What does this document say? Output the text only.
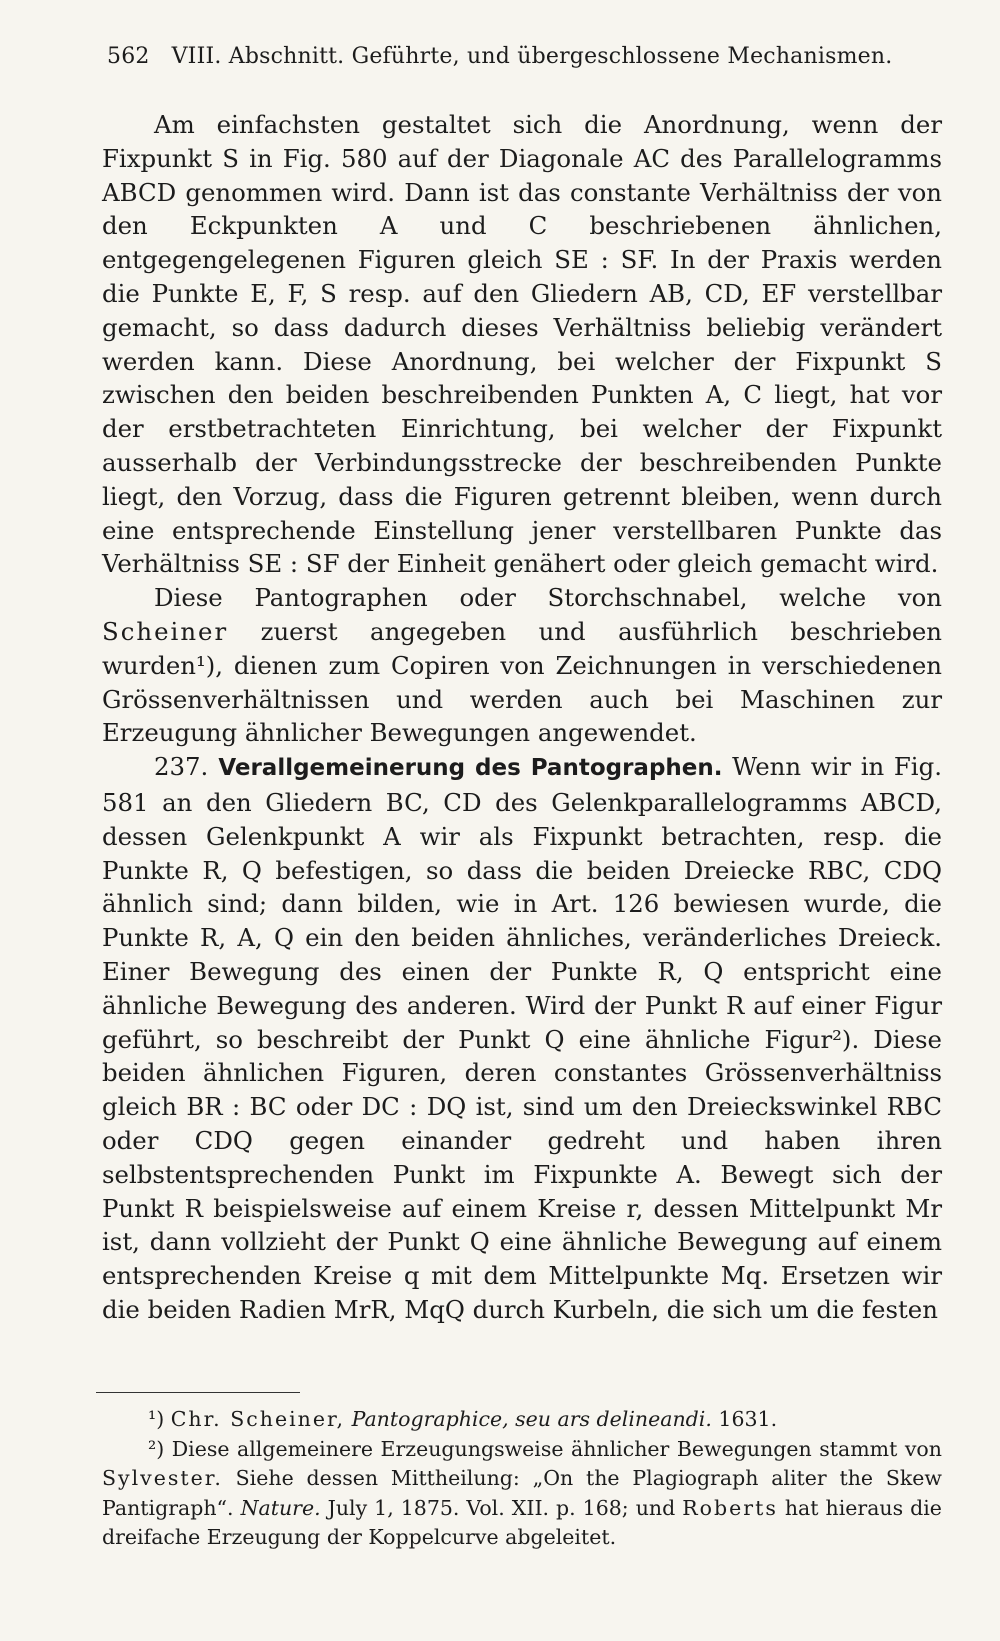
562 VIII. Abschnitt. Geführte, und übergeschlossene Mechanismen.

Am einfachsten gestaltet sich die Anordnung, wenn der Fixpunkt S in Fig. 580 auf der Diagonale AC des Parallelogramms ABCD genommen wird. Dann ist das constante Verhältniss der von den Eckpunkten A und C beschriebenen ähnlichen, entgegengelegenen Figuren gleich SE : SF. In der Praxis werden die Punkte E, F, S resp. auf den Gliedern AB, CD, EF verstellbar gemacht, so dass dadurch dieses Verhältniss beliebig verändert werden kann. Diese Anordnung, bei welcher der Fixpunkt S zwischen den beiden beschreibenden Punkten A, C liegt, hat vor der erstbetrachteten Einrichtung, bei welcher der Fixpunkt ausserhalb der Verbindungsstrecke der beschreibenden Punkte liegt, den Vorzug, dass die Figuren getrennt bleiben, wenn durch eine entsprechende Einstellung jener verstellbaren Punkte das Verhältniss SE : SF der Einheit genähert oder gleich gemacht wird.

Diese Pantographen oder Storchschnabel, welche von Scheiner zuerst angegeben und ausführlich beschrieben wurden¹), dienen zum Copiren von Zeichnungen in verschiedenen Grössenverhältnissen und werden auch bei Maschinen zur Erzeugung ähnlicher Bewegungen angewendet.

237. Verallgemeinerung des Pantographen. Wenn wir in Fig. 581 an den Gliedern BC, CD des Gelenkparallelogramms ABCD, dessen Gelenkpunkt A wir als Fixpunkt betrachten, resp. die Punkte R, Q befestigen, so dass die beiden Dreiecke RBC, CDQ ähnlich sind; dann bilden, wie in Art. 126 bewiesen wurde, die Punkte R, A, Q ein den beiden ähnliches, veränderliches Dreieck. Einer Bewegung des einen der Punkte R, Q entspricht eine ähnliche Bewegung des anderen. Wird der Punkt R auf einer Figur geführt, so beschreibt der Punkt Q eine ähnliche Figur²). Diese beiden ähnlichen Figuren, deren constantes Grössenverhältniss gleich BR : BC oder DC : DQ ist, sind um den Dreieckswinkel RBC oder CDQ gegen einander gedreht und haben ihren selbstentsprechenden Punkt im Fixpunkte A. Bewegt sich der Punkt R beispielsweise auf einem Kreise r, dessen Mittelpunkt Mr ist, dann vollzieht der Punkt Q eine ähnliche Bewegung auf einem entsprechenden Kreise q mit dem Mittelpunkte Mq. Ersetzen wir die beiden Radien MrR, MqQ durch Kurbeln, die sich um die festen

¹) Chr. Scheiner, Pantographice, seu ars delineandi. 1631.

²) Diese allgemeinere Erzeugungsweise ähnlicher Bewegungen stammt von Sylvester. Siehe dessen Mittheilung: „On the Plagiograph aliter the Skew Pantigraph“. Nature. July 1, 1875. Vol. XII. p. 168; und Roberts hat hieraus die dreifache Erzeugung der Koppelcurve abgeleitet.
